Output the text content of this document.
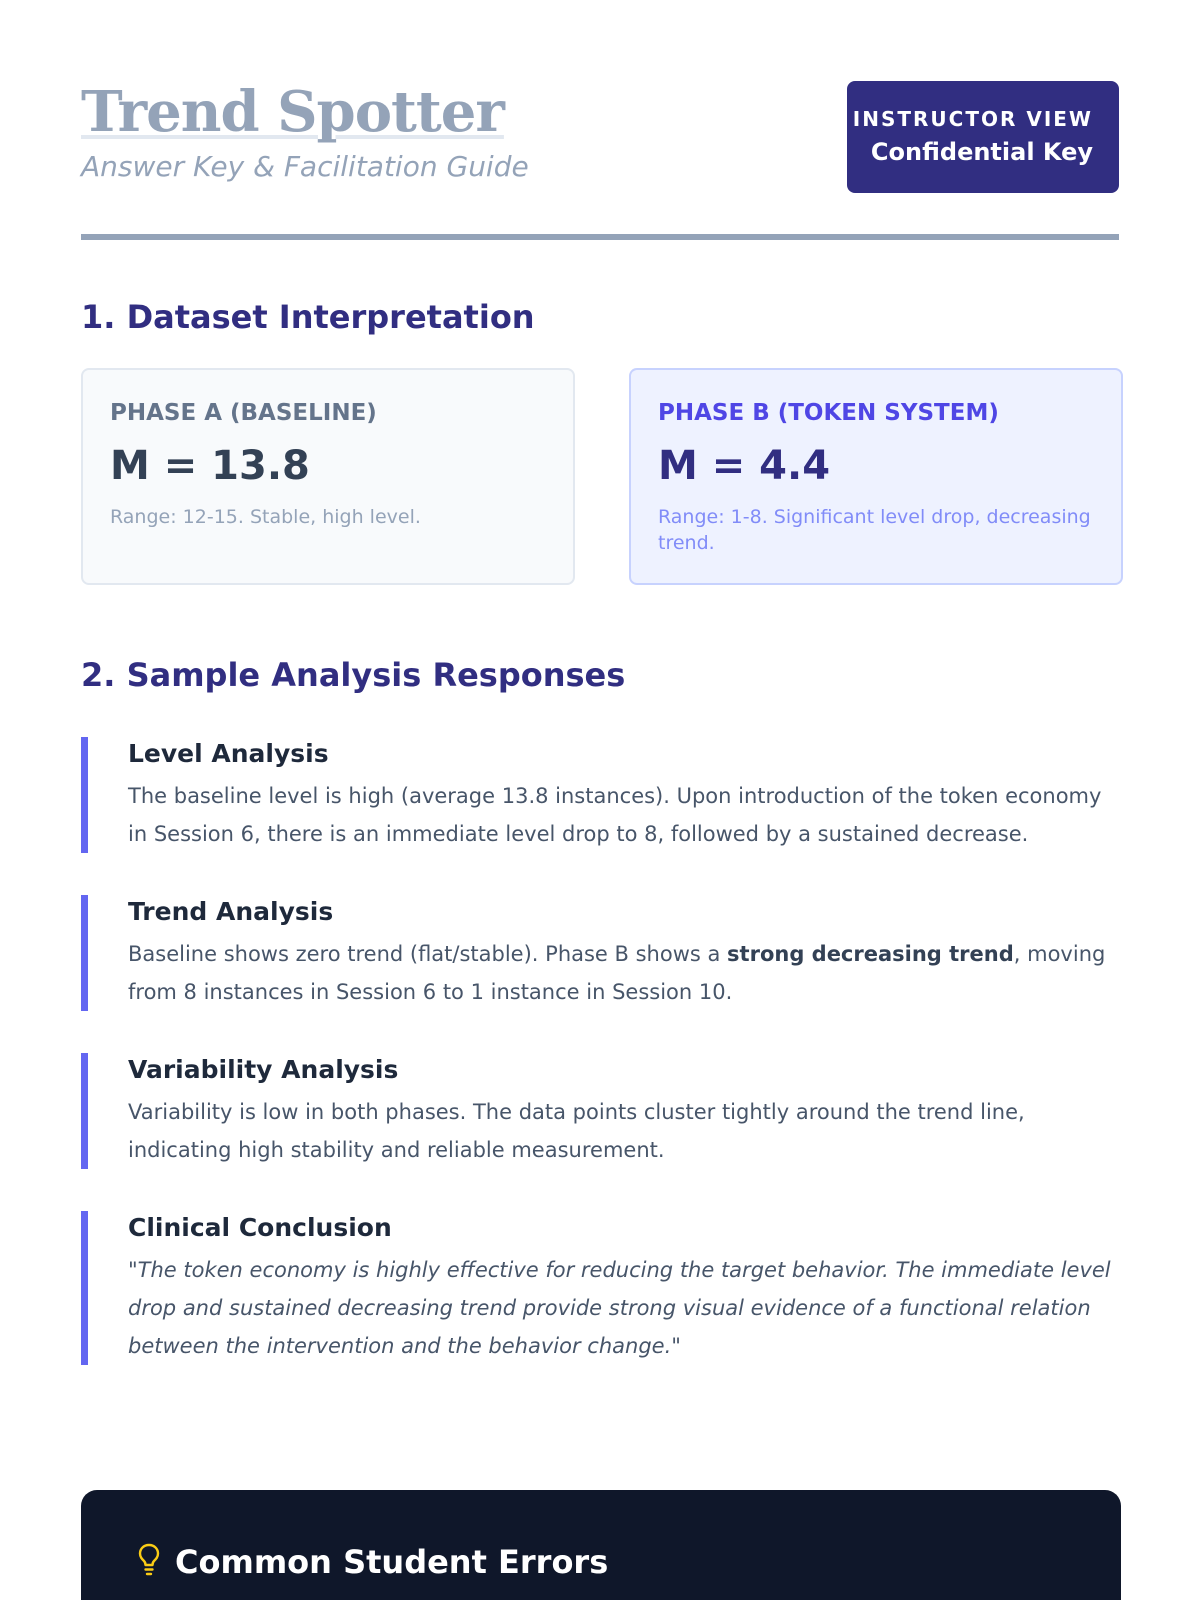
Trend Spotter

Answer Key & Facilitation Guide

INSTRUCTOR VIEW
Confidential Key
1. Dataset Interpretation
PHASE A (BASELINE)
M = 13.8
Range: 12-15. Stable, high level.
PHASE B (TOKEN SYSTEM)
M = 4.4
Range: 1-8. Significant level drop, decreasing trend.
2. Sample Analysis Responses
Level Analysis
The baseline level is high (average 13.8 instances). Upon introduction of the token economy in Session 6, there is an immediate level drop to 8, followed by a sustained decrease.
Trend Analysis
Baseline shows zero trend (flat/stable). Phase B shows a strong decreasing trend, moving from 8 instances in Session 6 to 1 instance in Session 10.
Variability Analysis
Variability is low in both phases. The data points cluster tightly around the trend line, indicating high stability and reliable measurement.
Clinical Conclusion
"The token economy is highly effective for reducing the target behavior. The immediate level drop and sustained decreasing trend provide strong visual evidence of a functional relation between the intervention and the behavior change."
Common Student Errors
